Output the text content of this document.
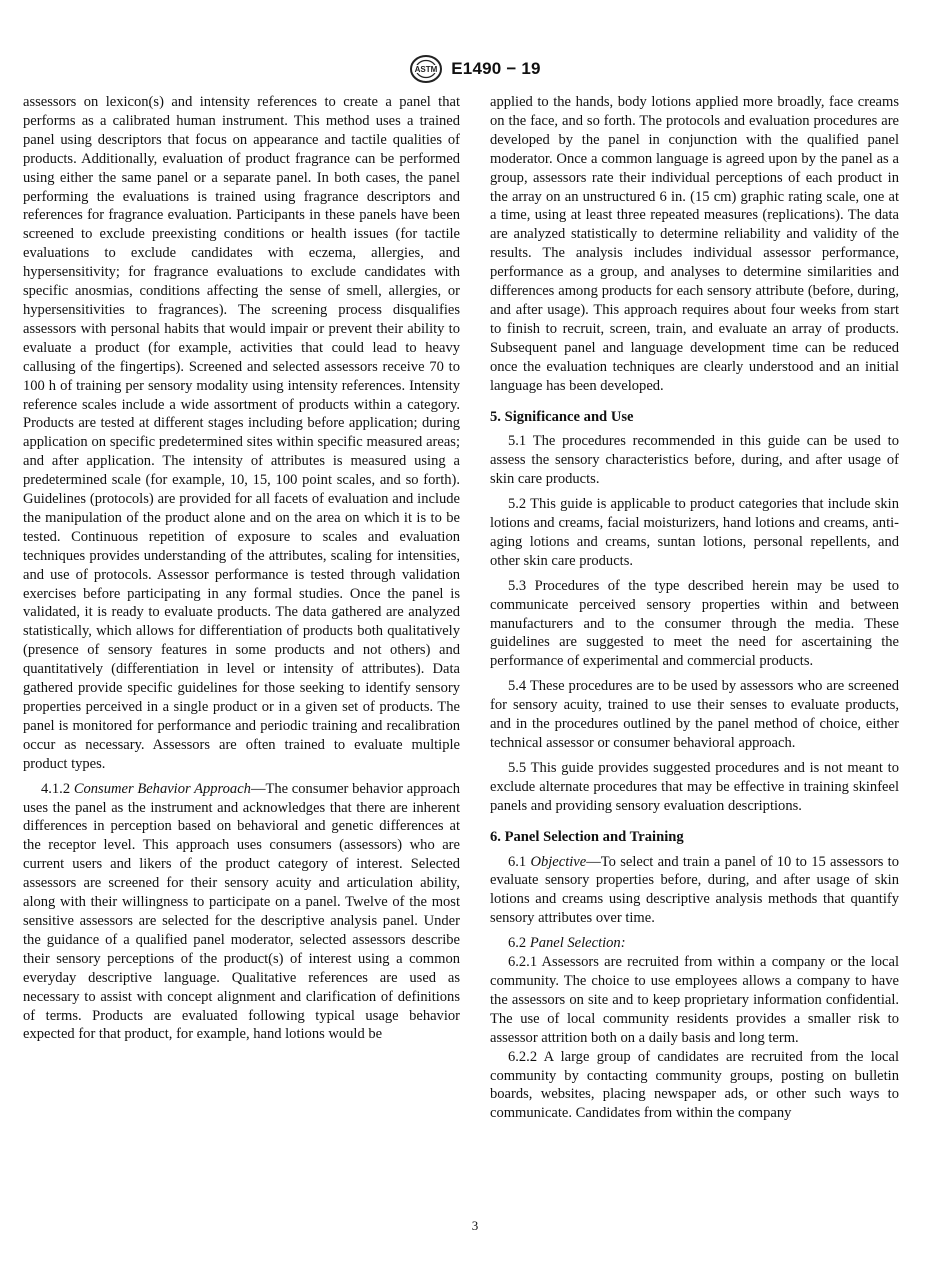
ASTM E1490 − 19

assessors on lexicon(s) and intensity references to create a panel that performs as a calibrated human instrument. This method uses a trained panel using descriptors that focus on appearance and tactile qualities of products. Additionally, evaluation of product fragrance can be performed using either the same panel or a separate panel. In both cases, the panel performing the evaluations is trained using fragrance descriptors and references for fragrance evaluation. Participants in these panels have been screened to exclude preexisting conditions or health issues (for tactile evaluations to exclude candidates with eczema, allergies, and hypersensitivity; for fragrance evaluations to exclude candidates with specific anosmias, conditions affecting the sense of smell, allergies, or hypersensitivities to fragrances). The screening process disqualifies assessors with personal habits that would impair or prevent their ability to evaluate a product (for example, activities that could lead to heavy callusing of the fingertips). Screened and selected assessors receive 70 to 100 h of training per sensory modality using intensity references. Intensity reference scales include a wide assortment of products within a category. Products are tested at different stages including before application; during application on specific predetermined sites within specific measured areas; and after application. The intensity of attributes is measured using a predetermined scale (for example, 10, 15, 100 point scales, and so forth). Guidelines (protocols) are provided for all facets of evaluation and include the manipulation of the product alone and on the area on which it is to be tested. Continuous repetition of exposure to scales and evaluation techniques provides understanding of the attributes, scaling for intensities, and use of protocols. Assessor performance is tested through validation exercises before participating in any formal studies. Once the panel is validated, it is ready to evaluate products. The data gathered are analyzed statistically, which allows for differentiation of products both qualitatively (presence of sensory features in some products and not others) and quantitatively (differentiation in level or intensity of attributes). Data gathered provide specific guidelines for those seeking to identify sensory properties perceived in a single product or in a given set of products. The panel is monitored for performance and periodic training and recalibration occur as necessary. Assessors are often trained to evaluate multiple product types.

4.1.2 Consumer Behavior Approach—The consumer behavior approach uses the panel as the instrument and acknowledges that there are inherent differences in perception based on behavioral and genetic differences at the receptor level. This approach uses consumers (assessors) who are current users and likers of the product category of interest. Selected assessors are screened for their sensory acuity and articulation ability, along with their willingness to participate on a panel. Twelve of the most sensitive assessors are selected for the descriptive analysis panel. Under the guidance of a qualified panel moderator, selected assessors describe their sensory perceptions of the product(s) of interest using a common everyday descriptive language. Qualitative references are used as necessary to assist with concept alignment and clarification of definitions of terms. Products are evaluated following typical usage behavior expected for that product, for example, hand lotions would be

applied to the hands, body lotions applied more broadly, face creams on the face, and so forth. The protocols and evaluation procedures are developed by the panel in conjunction with the qualified panel moderator. Once a common language is agreed upon by the panel as a group, assessors rate their individual perceptions of each product in the array on an unstructured 6 in. (15 cm) graphic rating scale, one at a time, using at least three repeated measures (replications). The data are analyzed statistically to determine reliability and validity of the results. The analysis includes individual assessor performance, performance as a group, and analyses to determine similarities and differences among products for each sensory attribute (before, during, and after usage). This approach requires about four weeks from start to finish to recruit, screen, train, and evaluate an array of products. Subsequent panel and language development time can be reduced once the evaluation techniques are clearly understood and an initial language has been developed.

5. Significance and Use

5.1 The procedures recommended in this guide can be used to assess the sensory characteristics before, during, and after usage of skin care products.

5.2 This guide is applicable to product categories that include skin lotions and creams, facial moisturizers, hand lotions and creams, anti-aging lotions and creams, suntan lotions, personal repellents, and other skin care products.

5.3 Procedures of the type described herein may be used to communicate perceived sensory properties within and between manufacturers and to the consumer through the media. These guidelines are suggested to meet the need for ascertaining the performance of experimental and commercial products.

5.4 These procedures are to be used by assessors who are screened for sensory acuity, trained to use their senses to evaluate products, and in the procedures outlined by the panel method of choice, either technical assessor or consumer behavioral approach.

5.5 This guide provides suggested procedures and is not meant to exclude alternate procedures that may be effective in training skinfeel panels and providing sensory evaluation descriptions.

6. Panel Selection and Training

6.1 Objective—To select and train a panel of 10 to 15 assessors to evaluate sensory properties before, during, and after usage of skin lotions and creams using descriptive analysis methods that quantify sensory attributes over time.

6.2 Panel Selection:

6.2.1 Assessors are recruited from within a company or the local community. The choice to use employees allows a company to have the assessors on site and to keep proprietary information confidential. The use of local community residents provides a smaller risk to assessor attrition both on a daily basis and long term.

6.2.2 A large group of candidates are recruited from the local community by contacting community groups, posting on bulletin boards, websites, placing newspaper ads, or other such ways to communicate. Candidates from within the company

3
